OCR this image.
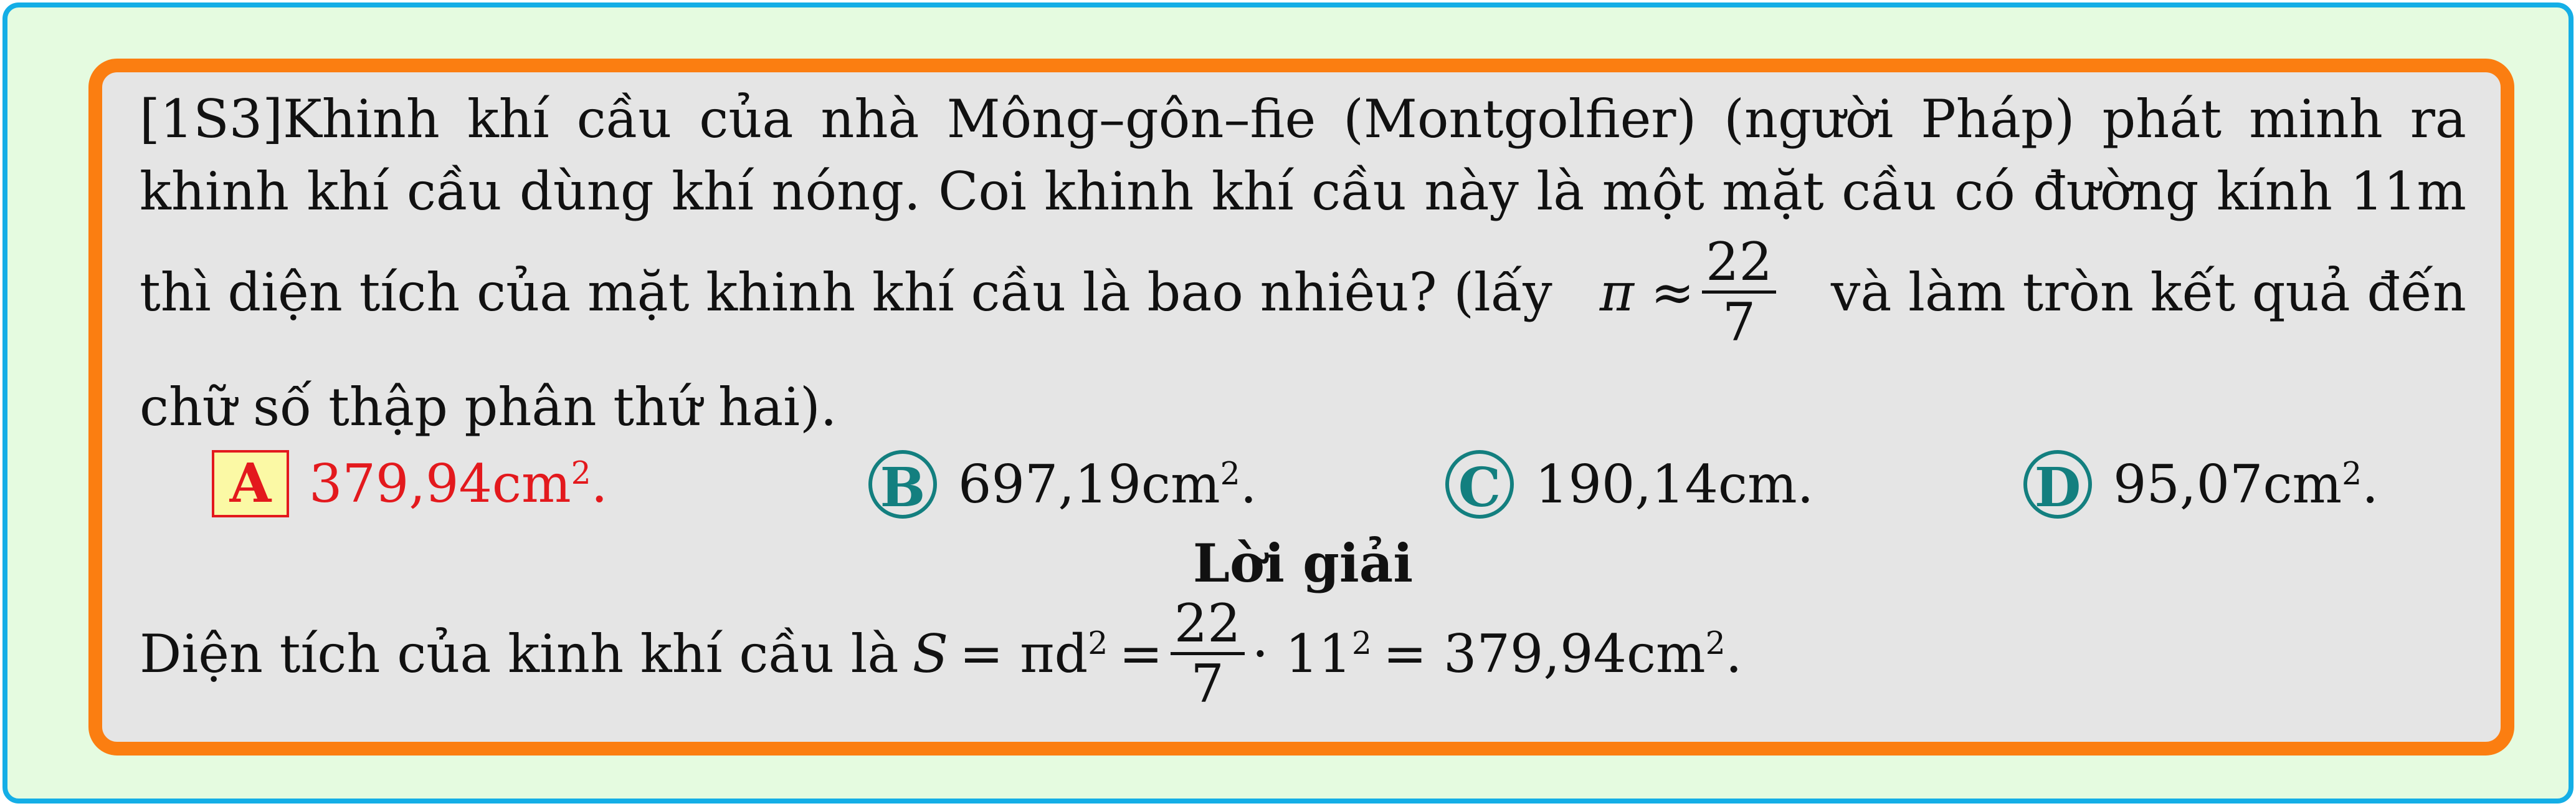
[1S3]Khinh khí cầu của nhà Mông–gôn–fie (Montgolfier) (người Pháp) phát minh ra
khinh khí cầu dùng khí nóng. Coi khinh khí cầu này là một mặt cầu có đường kính 11m
thì diện tích của mặt khinh khí cầu là bao nhiêu? (lấy $\pi \approx \frac{22}{7}$ và làm tròn kết quả đến
chữ số thập phân thứ hai).
A $379,94cm^2$.	B $697,19cm^2$.	C 190,14cm.	D $95,07cm^2$.
Lời giải
Diện tích của kinh khí cầu là $S = \pi d^2 = \frac{22}{7} \cdot 11^2 = 379,94cm^2$.
